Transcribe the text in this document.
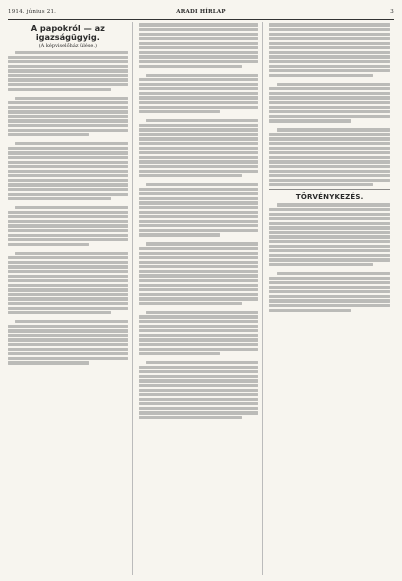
1914. június 21.	ARADI HÍRLAP	3
A papokról — az igazságügyig.
(A képviselőház ülése.)
TÖRVÉNYKEZÉS.
